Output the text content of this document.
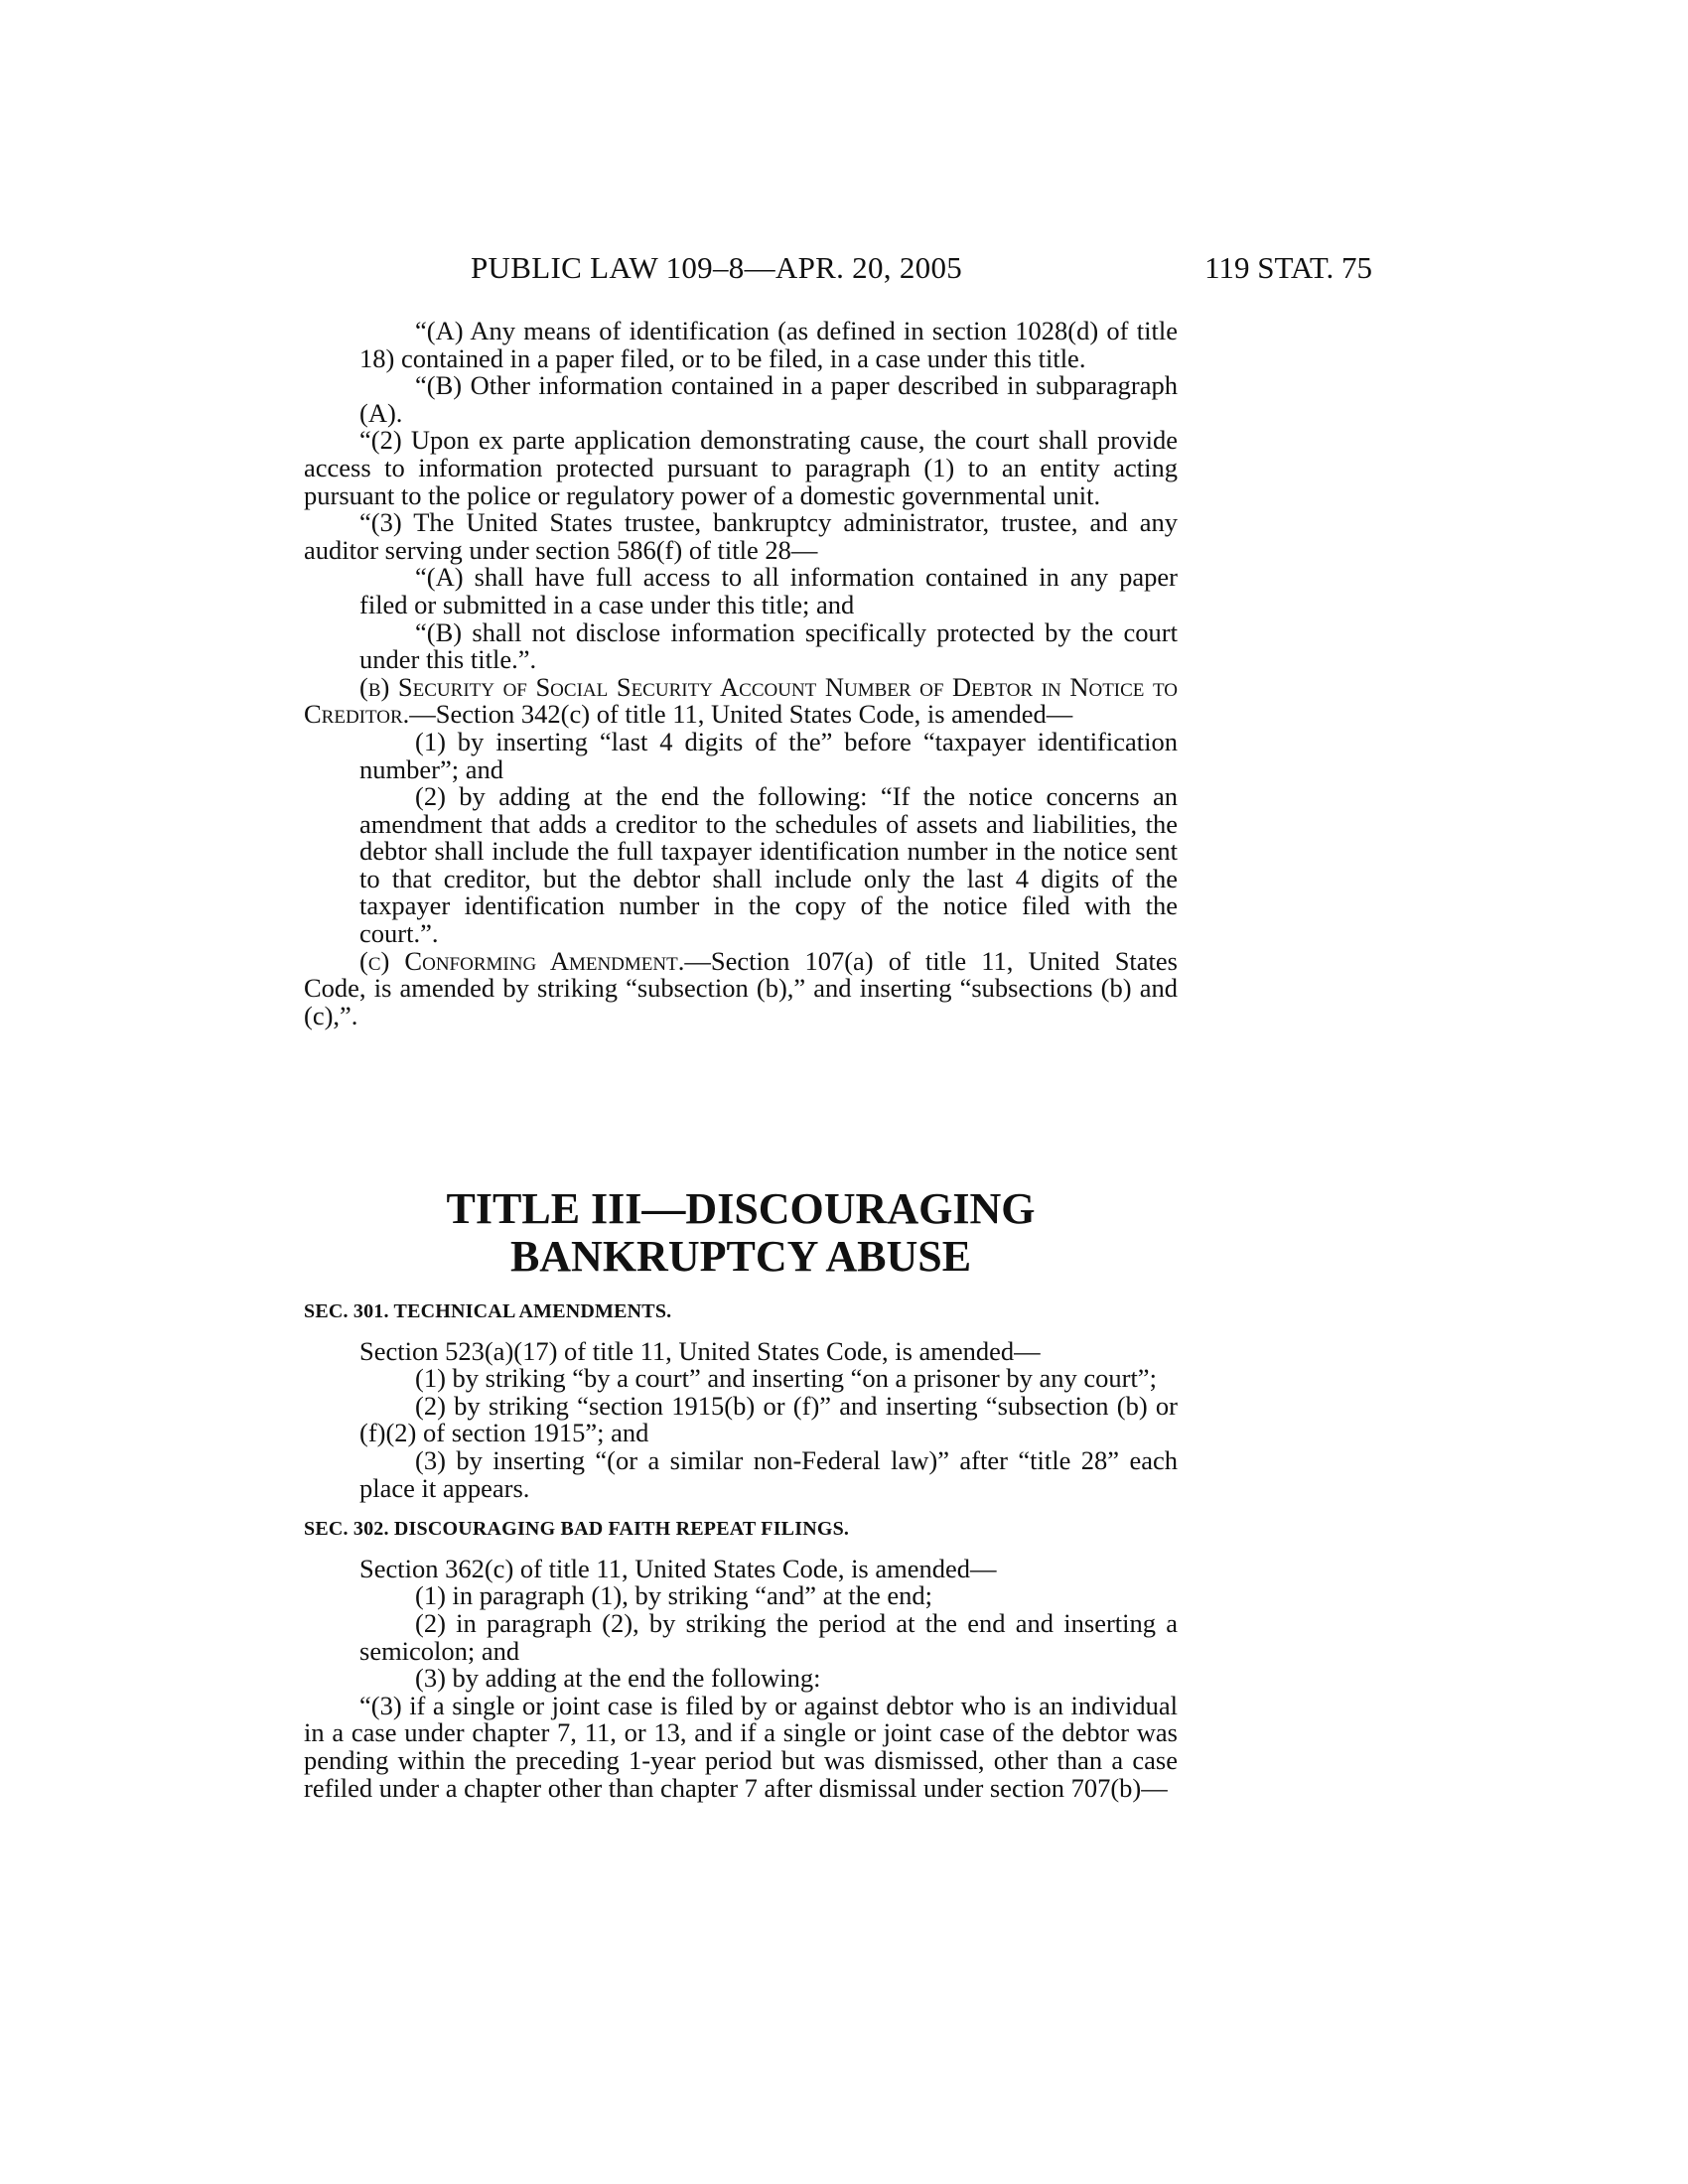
PUBLIC LAW 109–8—APR. 20, 2005	119 STAT. 75

“(A) Any means of identification (as defined in section 1028(d) of title 18) contained in a paper filed, or to be filed, in a case under this title.

“(B) Other information contained in a paper described in subparagraph (A).

“(2) Upon ex parte application demonstrating cause, the court shall provide access to information protected pursuant to paragraph (1) to an entity acting pursuant to the police or regulatory power of a domestic governmental unit.

“(3) The United States trustee, bankruptcy administrator, trustee, and any auditor serving under section 586(f) of title 28—

“(A) shall have full access to all information contained in any paper filed or submitted in a case under this title; and

“(B) shall not disclose information specifically protected by the court under this title.”.

(b) Security of Social Security Account Number of Debtor in Notice to Creditor.—Section 342(c) of title 11, United States Code, is amended—

(1) by inserting “last 4 digits of the” before “taxpayer identification number”; and

(2) by adding at the end the following: “If the notice concerns an amendment that adds a creditor to the schedules of assets and liabilities, the debtor shall include the full taxpayer identification number in the notice sent to that creditor, but the debtor shall include only the last 4 digits of the taxpayer identification number in the copy of the notice filed with the court.”.

(c) Conforming Amendment.—Section 107(a) of title 11, United States Code, is amended by striking “subsection (b),” and inserting “subsections (b) and (c),”.

TITLE III—DISCOURAGING
BANKRUPTCY ABUSE

SEC. 301. TECHNICAL AMENDMENTS.

Section 523(a)(17) of title 11, United States Code, is amended—

(1) by striking “by a court” and inserting “on a prisoner by any court”;

(2) by striking “section 1915(b) or (f)” and inserting “subsection (b) or (f)(2) of section 1915”; and

(3) by inserting “(or a similar non-Federal law)” after “title 28” each place it appears.

SEC. 302. DISCOURAGING BAD FAITH REPEAT FILINGS.

Section 362(c) of title 11, United States Code, is amended—

(1) in paragraph (1), by striking “and” at the end;

(2) in paragraph (2), by striking the period at the end and inserting a semicolon; and

(3) by adding at the end the following:

“(3) if a single or joint case is filed by or against debtor who is an individual in a case under chapter 7, 11, or 13, and if a single or joint case of the debtor was pending within the preceding 1-year period but was dismissed, other than a case refiled under a chapter other than chapter 7 after dismissal under section 707(b)—
